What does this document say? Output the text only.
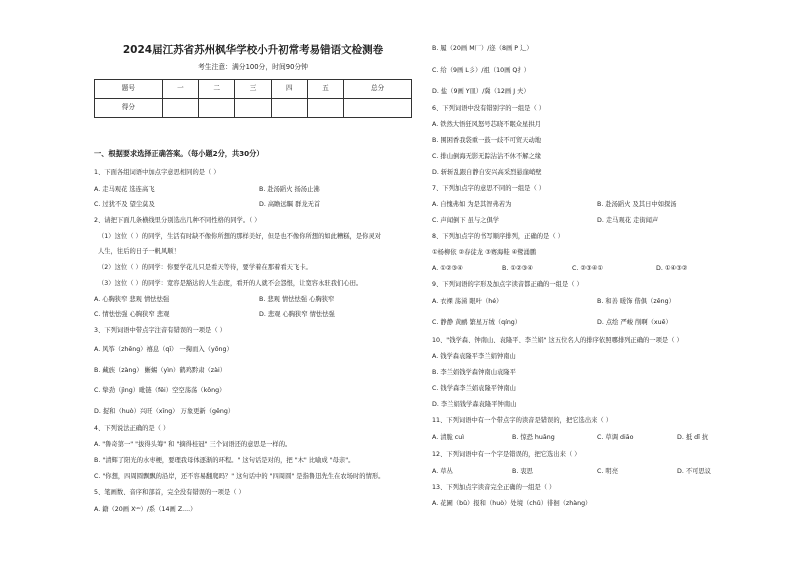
2024届江苏省苏州枫华学校小升初常考易错语文检测卷
考生注意：满分100分，时间90分钟
题号	一	二	三	四	五	总分
得分						
一、根据要求选择正确答案。（每小题2分，共30分）
1、下面各组词语中加点字意思相同的是（ ）
A. 走马观花 选连高飞	B. 赴汤蹈火 扬汤止沸
C. 过犹不及 望尘莫及	D. 高瞻远瞩 群龙无首
2、请把下面几条横线里分别选出几种不同性格的同学。（ ）
（1）这位（ ）的同学，生活有时缺不像你所想的那样美好，但是也不像你所想的如此糟糕，是你灵对
人生，往后的日子一帆风顺！
（2）这位（ ）的同学：你要学花儿只是看天等待，要学着在那着看天飞卡。
（3）这位（ ）的同学：宽容是豁达的人生态度，看开的人就不会怨恨，让宽容永驻我们心田。
A. 心胸狭窄 悲观 情怯怯强	B. 悲观 情怯怯强 心胸狭窄
C. 情怯怯强 心胸狭窄 悲观	D. 悲观 心胸狭窄 情怯怯强
3、下列词语中带点字注音有错误的一项是（ ）
A. 风筝（zhēng）禧息（qī） 一掬而入（yōng）
B. 藏族（zàng） 蜥蜴（yìn）鹤鸡黔肃（zài）
C. 挚劲（jìng）毗链（fēi）空空荡荡（kōng）
D. 捉和（huò）兴旺（xīng） 万象更新（gēng）
4、下列说法正确的是（ ）
A. "鲁奇第一" "拔得头筹" 和 "摘得桂冠" 三个词语还的意思是一样的。
B. "清辉了阳光的水枣梗，要理我母体逐渐的环程。" 这句话是对的，把 "木" 比喻成 "母亲"。
C. "你想，四周圆飘飘的沿岸，还不容易翻爬吗？" 这句话中的 "四周圆" 是指鲁迅先生在农场时的情形。
5、笔画数、音序和部首，完全没有错误的一项是（ ）
A. 籍（20画 Xᵘᵘ）/系（14画 Z....）
B. 履（20画 M厂）/迩（8画 P 辶）
C. 给（9画 L彡）/祖（10画 Q扌）
D. 盐（9画 Y皿）/冀（12画 J 夫）
6、下列词语中没有错别字的一组是（ ）
A. 铁然大悟狂风怒号芯晓不眠众星拱月
B. 围困香我袋重一鼓一歧不可贸天动地
C. 排山倒海无影无踪沾沾不休不解之缘
D. 斩斩乱跟自静自安兴高采烈悬崖峭壁
7、下列加点字的意思不同的一组是（ ）
A. 自愧弗如 为是其智弗若为	B. 赴汤蹈火 及其日中如探汤
C. 声闻倒下 虽与之俱学	D. 走马观花 走街闻声
8、下列加点字的书写顺序排列，正确的是（ ）
①杨柳依 ②春徒龙 ③赛海鞋 ④鹭涌鹏
A. ①②③④	B. ①②③④	C. ②③④①	D. ①④③②
9、下列词语的字形及加点字读音都正确的一组是（ ）
A. 衣裸 荡涕 眼叶（hé）	B. 和善 暖饰 偕俱（zēng）
C. 静静 黄鹂 繁星万绒（qíng）	D. 点绘 严峻 削啊（xuē）
10、"钱学森、钟南山、袁隆平、李兰娟" 这五位名人的排序依照哪排列正确的一项是（ ）
A. 钱学森袁隆平李兰娟钟南山
B. 李兰娟钱学森钟南山袁隆平
C. 钱学森李兰娟袁隆平钟南山
D. 李兰娟钱学森袁隆平钟南山
11、下列词语中有一个带点字的读音是错误的，把它选出来（ ）
A. 清脆 cuì	B. 惊恐 huāng	C. 草调 diāo	D. 抵 dǐ 抗
12、下列词语中有一个字是错误的，把它选出来（ ）
A. 草丛	B. 衷思	C. 明亮	D. 不可思议
13、下列加点字读音完全正确的一组是（ ）
A. 花圃（bǔ）报和（huò）处境（chǔ）徘徊（zhàng）
